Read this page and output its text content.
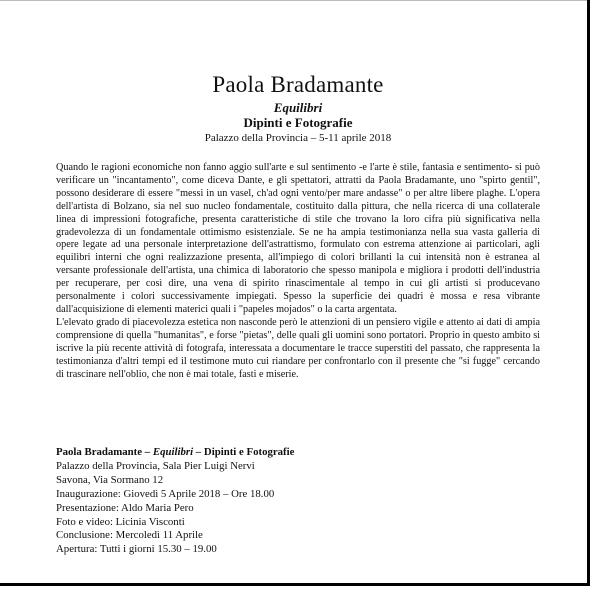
Paola Bradamante
Equilibri
Dipinti e Fotografie
Palazzo della Provincia – 5-11 aprile 2018

Quando le ragioni economiche non fanno aggio sull'arte e sul sentimento -e l'arte è stile, fantasia e sentimento- si può verificare un "incantamento", come diceva Dante, e gli spettatori, attratti da Paola Bradamante, uno "spirto gentil", possono desiderare di essere "messi in un vasel, ch'ad ogni vento/per mare andasse" o per altre libere plaghe. L'opera dell'artista di Bolzano, sia nel suo nucleo fondamentale, costituito dalla pittura, che nella ricerca di una collaterale linea di impressioni fotografiche, presenta caratteristiche di stile che trovano la loro cifra più significativa nella gradevolezza di un fondamentale ottimismo esistenziale. Se ne ha ampia testimonianza nella sua vasta galleria di opere legate ad una personale interpretazione dell'astrattismo, formulato con estrema attenzione ai particolari, agli equilibri interni che ogni realizzazione presenta, all'impiego di colori brillanti la cui intensità non è estranea al versante professionale dell'artista, una chimica di laboratorio che spesso manipola e migliora i prodotti dell'industria per recuperare, per così dire, una vena di spirito rinascimentale al tempo in cui gli artisti si producevano personalmente i colori successivamente impiegati. Spesso la superficie dei quadri è mossa e resa vibrante dall'acquisizione di elementi materici quali i "papeles mojados" o la carta argentata.

L'elevato grado di piacevolezza estetica non nasconde però le attenzioni di un pensiero vigile e attento ai dati di ampia comprensione di quella "humanitas", e forse "pietas", delle quali gli uomini sono portatori. Proprio in questo ambito si iscrive la più recente attività di fotografa, interessata a documentare le tracce superstiti del passato, che rappresenta la testimonianza d'altri tempi ed il testimone muto cui riandare per confrontarlo con il presente che "si fugge" cercando di trascinare nell'oblio, che non è mai totale, fasti e miserie.

Paola Bradamante – Equilibri – Dipinti e Fotografie
Palazzo della Provincia, Sala Pier Luigi Nervi
Savona, Via Sormano 12
Inaugurazione: Giovedì 5 Aprile 2018 – Ore 18.00
Presentazione: Aldo Maria Pero
Foto e video: Licinia Visconti
Conclusione: Mercoledì 11 Aprile
Apertura: Tutti i giorni 15.30 – 19.00
